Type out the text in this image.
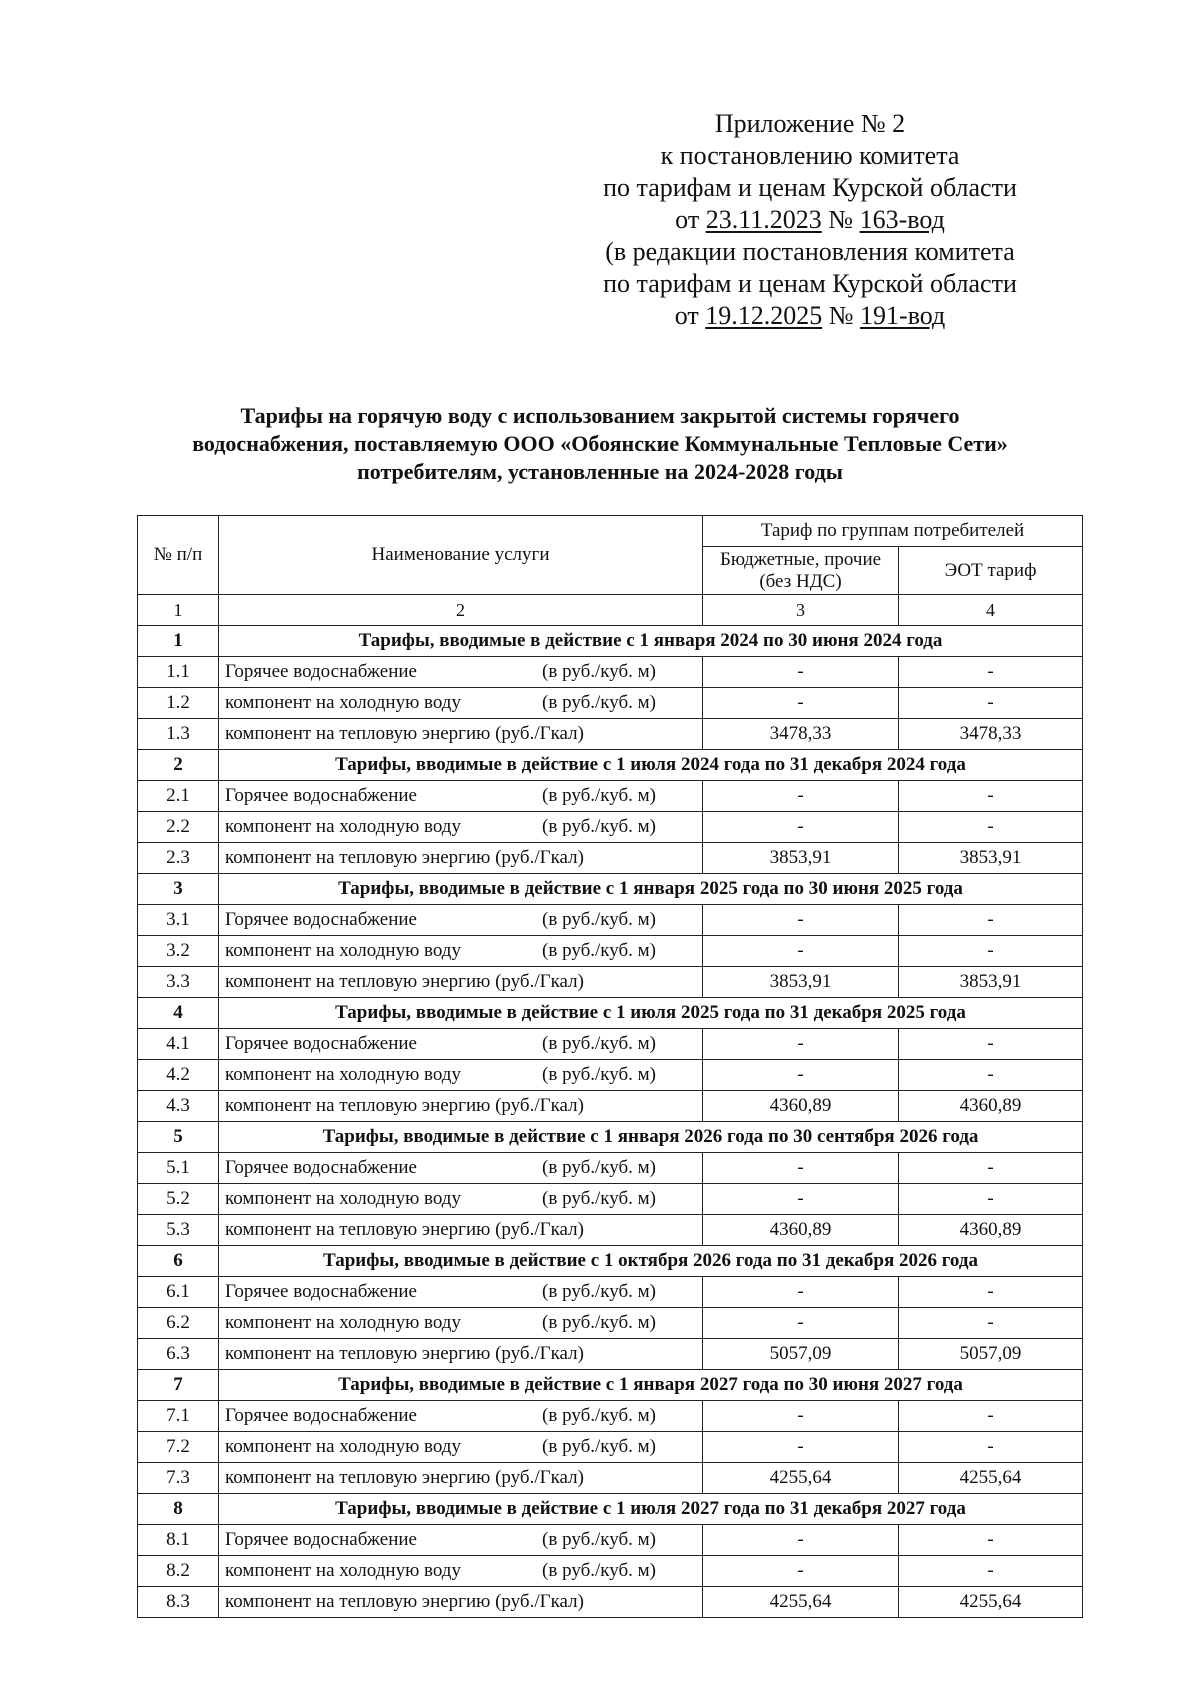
Приложение № 2
к постановлению комитета
по тарифам и ценам Курской области
от 23.11.2023 № 163-вод
(в редакции постановления комитета
по тарифам и ценам Курской области
от 19.12.2025 № 191-вод
Тарифы на горячую воду с использованием закрытой системы горячего
водоснабжения, поставляемую ООО «Обоянские Коммунальные Тепловые Сети»
потребителям, установленные на 2024-2028 годы
№ п/п	Наименование услуги	Тариф по группам потребителей	
		Бюджетные, прочие (без НДС)	ЭОТ тариф
1	2	3	4
1	Тарифы, вводимые в действие с 1 января 2024 по 30 июня 2024 года		
1.1	Горячее водоснабжение (в руб./куб. м)	-	-
1.2	компонент на холодную воду (в руб./куб. м)	-	-
1.3	компонент на тепловую энергию (руб./Гкал)	3478,33	3478,33
2	Тарифы, вводимые в действие с 1 июля 2024 года по 31 декабря 2024 года		
2.1	Горячее водоснабжение (в руб./куб. м)	-	-
2.2	компонент на холодную воду (в руб./куб. м)	-	-
2.3	компонент на тепловую энергию (руб./Гкал)	3853,91	3853,91
3	Тарифы, вводимые в действие с 1 января 2025 года по 30 июня 2025 года		
3.1	Горячее водоснабжение (в руб./куб. м)	-	-
3.2	компонент на холодную воду (в руб./куб. м)	-	-
3.3	компонент на тепловую энергию (руб./Гкал)	3853,91	3853,91
4	Тарифы, вводимые в действие с 1 июля 2025 года по 31 декабря 2025 года		
4.1	Горячее водоснабжение (в руб./куб. м)	-	-
4.2	компонент на холодную воду (в руб./куб. м)	-	-
4.3	компонент на тепловую энергию (руб./Гкал)	4360,89	4360,89
5	Тарифы, вводимые в действие с 1 января 2026 года по 30 сентября 2026 года		
5.1	Горячее водоснабжение (в руб./куб. м)	-	-
5.2	компонент на холодную воду (в руб./куб. м)	-	-
5.3	компонент на тепловую энергию (руб./Гкал)	4360,89	4360,89
6	Тарифы, вводимые в действие с 1 октября 2026 года по 31 декабря 2026 года		
6.1	Горячее водоснабжение (в руб./куб. м)	-	-
6.2	компонент на холодную воду (в руб./куб. м)	-	-
6.3	компонент на тепловую энергию (руб./Гкал)	5057,09	5057,09
7	Тарифы, вводимые в действие с 1 января 2027 года по 30 июня 2027 года		
7.1	Горячее водоснабжение (в руб./куб. м)	-	-
7.2	компонент на холодную воду (в руб./куб. м)	-	-
7.3	компонент на тепловую энергию (руб./Гкал)	4255,64	4255,64
8	Тарифы, вводимые в действие с 1 июля 2027 года по 31 декабря 2027 года		
8.1	Горячее водоснабжение (в руб./куб. м)	-	-
8.2	компонент на холодную воду (в руб./куб. м)	-	-
8.3	компонент на тепловую энергию (руб./Гкал)	4255,64	4255,64
